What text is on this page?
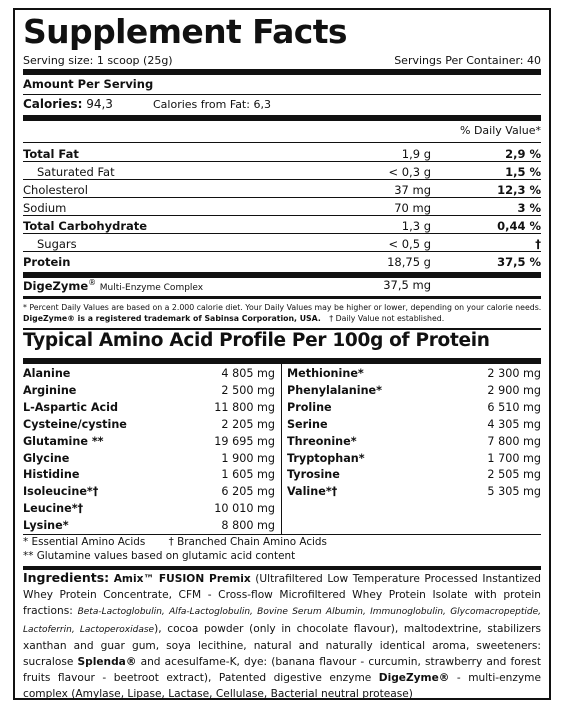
Supplement Facts
Serving size: 1 scoop (25g)	Servings Per Container: 40
Amount Per Serving
Calories: 94,3	Calories from Fat: 6,3
% Daily Value*
Total Fat	1,9 g	2,9 %
Saturated Fat	< 0,3 g	1,5 %
Cholesterol	37 mg	12,3 %
Sodium	70 mg	3 %
Total Carbohydrate	1,3 g	0,44 %
Sugars	< 0,5 g	†
Protein	18,75 g	37,5 %
DigeZyme® Multi-Enzyme Complex	37,5 mg
* Percent Daily Values are based on a 2.000 calorie diet. Your Daily Values may be higher or lower, depending on your calorie needs.
DigeZyme® is a registered trademark of Sabinsa Corporation, USA. † Daily Value not established.
Typical Amino Acid Profile Per 100g of Protein
Alanine	4 805 mg
Arginine	2 500 mg
L-Aspartic Acid	11 800 mg
Cysteine/cystine	2 205 mg
Glutamine **	19 695 mg
Glycine	1 900 mg
Histidine	1 605 mg
Isoleucine*†	6 205 mg
Leucine*†	10 010 mg
Lysine*	8 800 mg
Methionine*	2 300 mg
Phenylalanine*	2 900 mg
Proline	6 510 mg
Serine	4 305 mg
Threonine*	7 800 mg
Tryptophan*	1 700 mg
Tyrosine	2 505 mg
Valine*†	5 305 mg
* Essential Amino Acids † Branched Chain Amino Acids
** Glutamine values based on glutamic acid content
Ingredients: Amix™ FUSION Premix (Ultrafiltered Low Temperature Processed Instantized Whey Protein Concentrate, CFM - Cross-flow Microfiltered Whey Protein Isolate with protein fractions: Beta-Lactoglobulin, Alfa-Lactoglobulin, Bovine Serum Albumin, Immunoglobulin, Glycomacropeptide, Lactoferrin, Lactoperoxidase), cocoa powder (only in chocolate flavour), maltodextrine, stabilizers xanthan and guar gum, soya lecithine, natural and naturally identical aroma, sweeteners: sucralose Splenda® and acesulfame-K, dye: (banana flavour - curcumin, strawberry and forest fruits flavour - beetroot extract), Patented digestive enzyme DigeZyme® - multi-enzyme complex (Amylase, Lipase, Lactase, Cellulase, Bacterial neutral protease)
